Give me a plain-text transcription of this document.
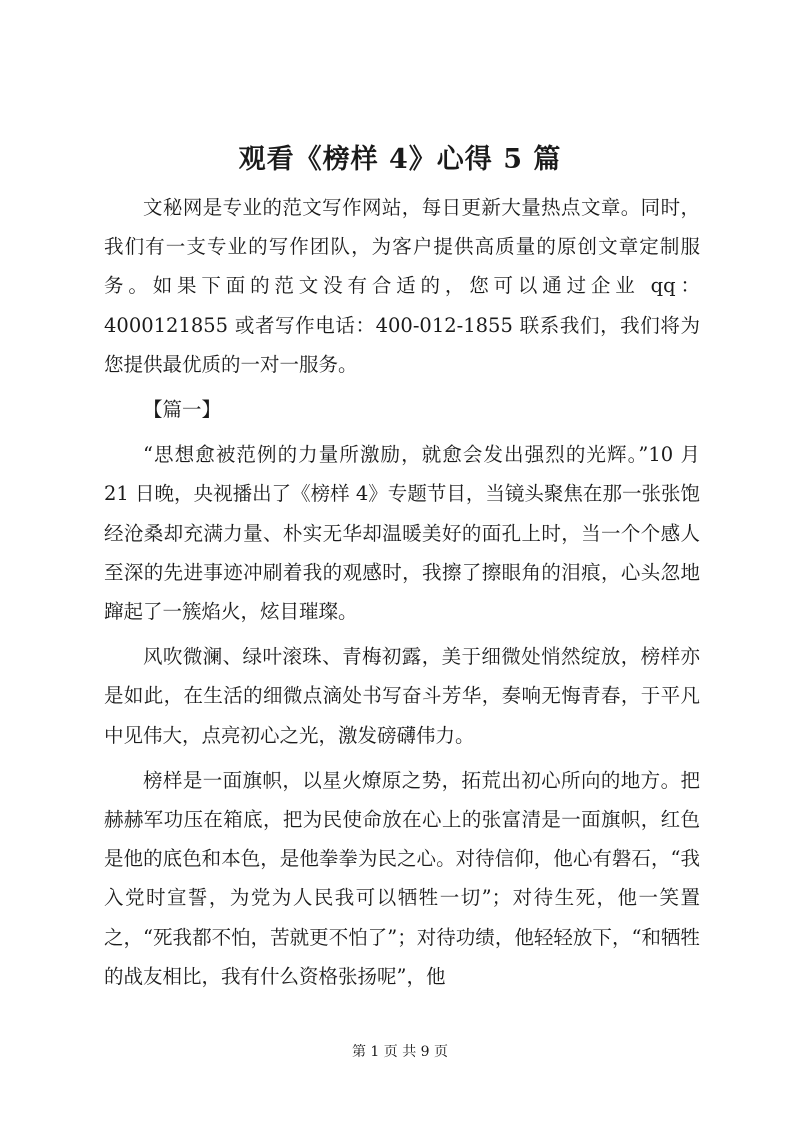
观看《榜样 4》心得 5 篇

文秘网是专业的范文写作网站，每日更新大量热点文章。同时，我们有一支专业的写作团队，为客户提供高质量的原创文章定制服务。如果下面的范文没有合适的，您可以通过企业 qq：4000121855 或者写作电话：400-012-1855 联系我们，我们将为您提供最优质的一对一服务。

【篇一】

“思想愈被范例的力量所激励，就愈会发出强烈的光辉。”10 月 21 日晚，央视播出了《榜样 4》专题节目，当镜头聚焦在那一张张饱经沧桑却充满力量、朴实无华却温暖美好的面孔上时，当一个个感人至深的先进事迹冲刷着我的观感时，我擦了擦眼角的泪痕，心头忽地蹿起了一簇焰火，炫目璀璨。

风吹微澜、绿叶滚珠、青梅初露，美于细微处悄然绽放，榜样亦是如此，在生活的细微点滴处书写奋斗芳华，奏响无悔青春，于平凡中见伟大，点亮初心之光，激发磅礴伟力。

榜样是一面旗帜，以星火燎原之势，拓荒出初心所向的地方。把赫赫军功压在箱底，把为民使命放在心上的张富清是一面旗帜，红色是他的底色和本色，是他拳拳为民之心。对待信仰，他心有磐石，“我入党时宣誓，为党为人民我可以牺牲一切”；对待生死，他一笑置之，“死我都不怕，苦就更不怕了”；对待功绩，他轻轻放下，“和牺牲的战友相比，我有什么资格张扬呢”，他

第 1 页 共 9 页
